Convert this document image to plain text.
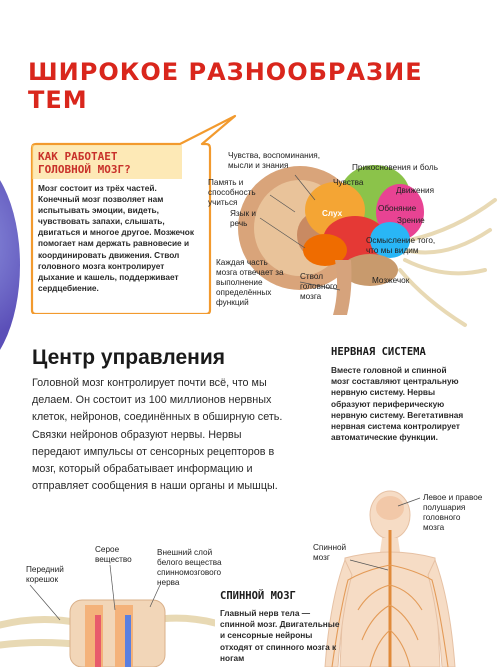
ШИРОКОЕ РАЗНООБРАЗИЕ ТЕМ
КАК РАБОТАЕТ
ГОЛОВНОЙ МОЗГ?
Мозг состоит из трёх частей. Конечный мозг позволяет нам испытывать эмоции, видеть, чувствовать запахи, слышать, двигаться и многое другое. Мозжечок помогает нам держать равновесие и координировать движения. Ствол головного мозга контролирует дыхание и кашель, поддерживает сердцебиение.
Чувства, воспоминания, мысли и знания
Память и способность учиться
Язык и речь
Каждая часть мозга отвечает за выполнение определённых функций
Ствол головного мозга
Прикосновения и боль
Чувства
Движения
Слух
Обоняние
Зрение
Осмысление того, что мы видим
Мозжечок
Центр управления
Головной мозг контролирует почти всё, что мы делаем. Он состоит из 100 миллионов нервных клеток, нейронов, соединённых в обширную сеть. Связки нейронов образуют нервы. Нервы передают импульсы от сенсорных рецепторов в мозг, который обрабатывает информацию и отправляет сообщения в наши органы и мышцы.
НЕРВНАЯ СИСТЕМА
Вместе головной и спинной мозг составляют центральную нервную систему. Нервы образуют периферическую нервную систему. Вегетативная нервная система контролирует автоматические функции.
Левое и правое полушария головного мозга
Спинной мозг
Серое вещество
Внешний слой белого вещества спинномозгового нерва
Передний корешок
СПИННОЙ МОЗГ
Главный нерв тела — спинной мозг. Двигательные и сенсорные нейроны отходят от спинного мозга к ногам
